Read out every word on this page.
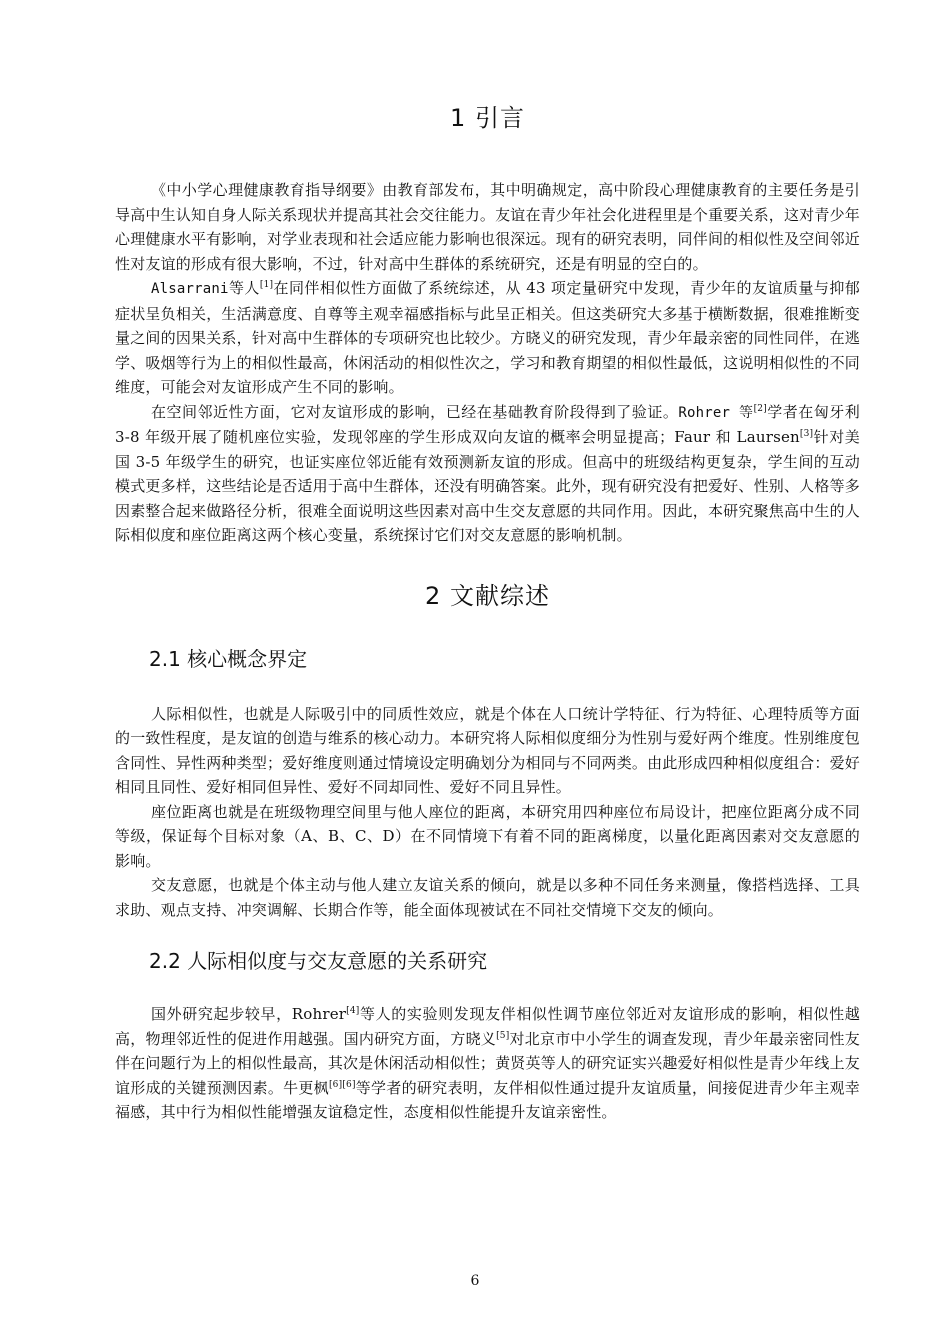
1 引言

《中小学心理健康教育指导纲要》由教育部发布，其中明确规定，高中阶段心理健康教育的主要任务是引导高中生认知自身人际关系现状并提高其社会交往能力。友谊在青少年社会化进程里是个重要关系，这对青少年心理健康水平有影响，对学业表现和社会适应能力影响也很深远。现有的研究表明，同伴间的相似性及空间邻近性对友谊的形成有很大影响，不过，针对高中生群体的系统研究，还是有明显的空白的。

Alsarrani等人[1]在同伴相似性方面做了系统综述，从 43 项定量研究中发现，青少年的友谊质量与抑郁症状呈负相关，生活满意度、自尊等主观幸福感指标与此呈正相关。但这类研究大多基于横断数据，很难推断变量之间的因果关系，针对高中生群体的专项研究也比较少。方晓义的研究发现，青少年最亲密的同性同伴，在逃学、吸烟等行为上的相似性最高，休闲活动的相似性次之，学习和教育期望的相似性最低，这说明相似性的不同维度，可能会对友谊形成产生不同的影响。

在空间邻近性方面，它对友谊形成的影响，已经在基础教育阶段得到了验证。Rohrer 等[2]学者在匈牙利 3-8 年级开展了随机座位实验，发现邻座的学生形成双向友谊的概率会明显提高；Faur 和 Laursen[3]针对美国 3-5 年级学生的研究，也证实座位邻近能有效预测新友谊的形成。但高中的班级结构更复杂，学生间的互动模式更多样，这些结论是否适用于高中生群体，还没有明确答案。此外，现有研究没有把爱好、性别、人格等多因素整合起来做路径分析，很难全面说明这些因素对高中生交友意愿的共同作用。因此，本研究聚焦高中生的人际相似度和座位距离这两个核心变量，系统探讨它们对交友意愿的影响机制。

2 文献综述
2.1 核心概念界定

人际相似性，也就是人际吸引中的同质性效应，就是个体在人口统计学特征、行为特征、心理特质等方面的一致性程度，是友谊的创造与维系的核心动力。本研究将人际相似度细分为性别与爱好两个维度。性别维度包含同性、异性两种类型；爱好维度则通过情境设定明确划分为相同与不同两类。由此形成四种相似度组合：爱好相同且同性、爱好相同但异性、爱好不同却同性、爱好不同且异性。

座位距离也就是在班级物理空间里与他人座位的距离，本研究用四种座位布局设计，把座位距离分成不同等级，保证每个目标对象（A、B、C、D）在不同情境下有着不同的距离梯度，以量化距离因素对交友意愿的影响。

交友意愿，也就是个体主动与他人建立友谊关系的倾向，就是以多种不同任务来测量，像搭档选择、工具求助、观点支持、冲突调解、长期合作等，能全面体现被试在不同社交情境下交友的倾向。

2.2 人际相似度与交友意愿的关系研究

国外研究起步较早，Rohrer[4]等人的实验则发现友伴相似性调节座位邻近对友谊形成的影响，相似性越高，物理邻近性的促进作用越强。国内研究方面，方晓义[5]对北京市中小学生的调查发现，青少年最亲密同性友伴在问题行为上的相似性最高，其次是休闲活动相似性；黄贤英等人的研究证实兴趣爱好相似性是青少年线上友谊形成的关键预测因素。牛更枫[6][6]等学者的研究表明，友伴相似性通过提升友谊质量，间接促进青少年主观幸福感，其中行为相似性能增强友谊稳定性，态度相似性能提升友谊亲密性。

6
